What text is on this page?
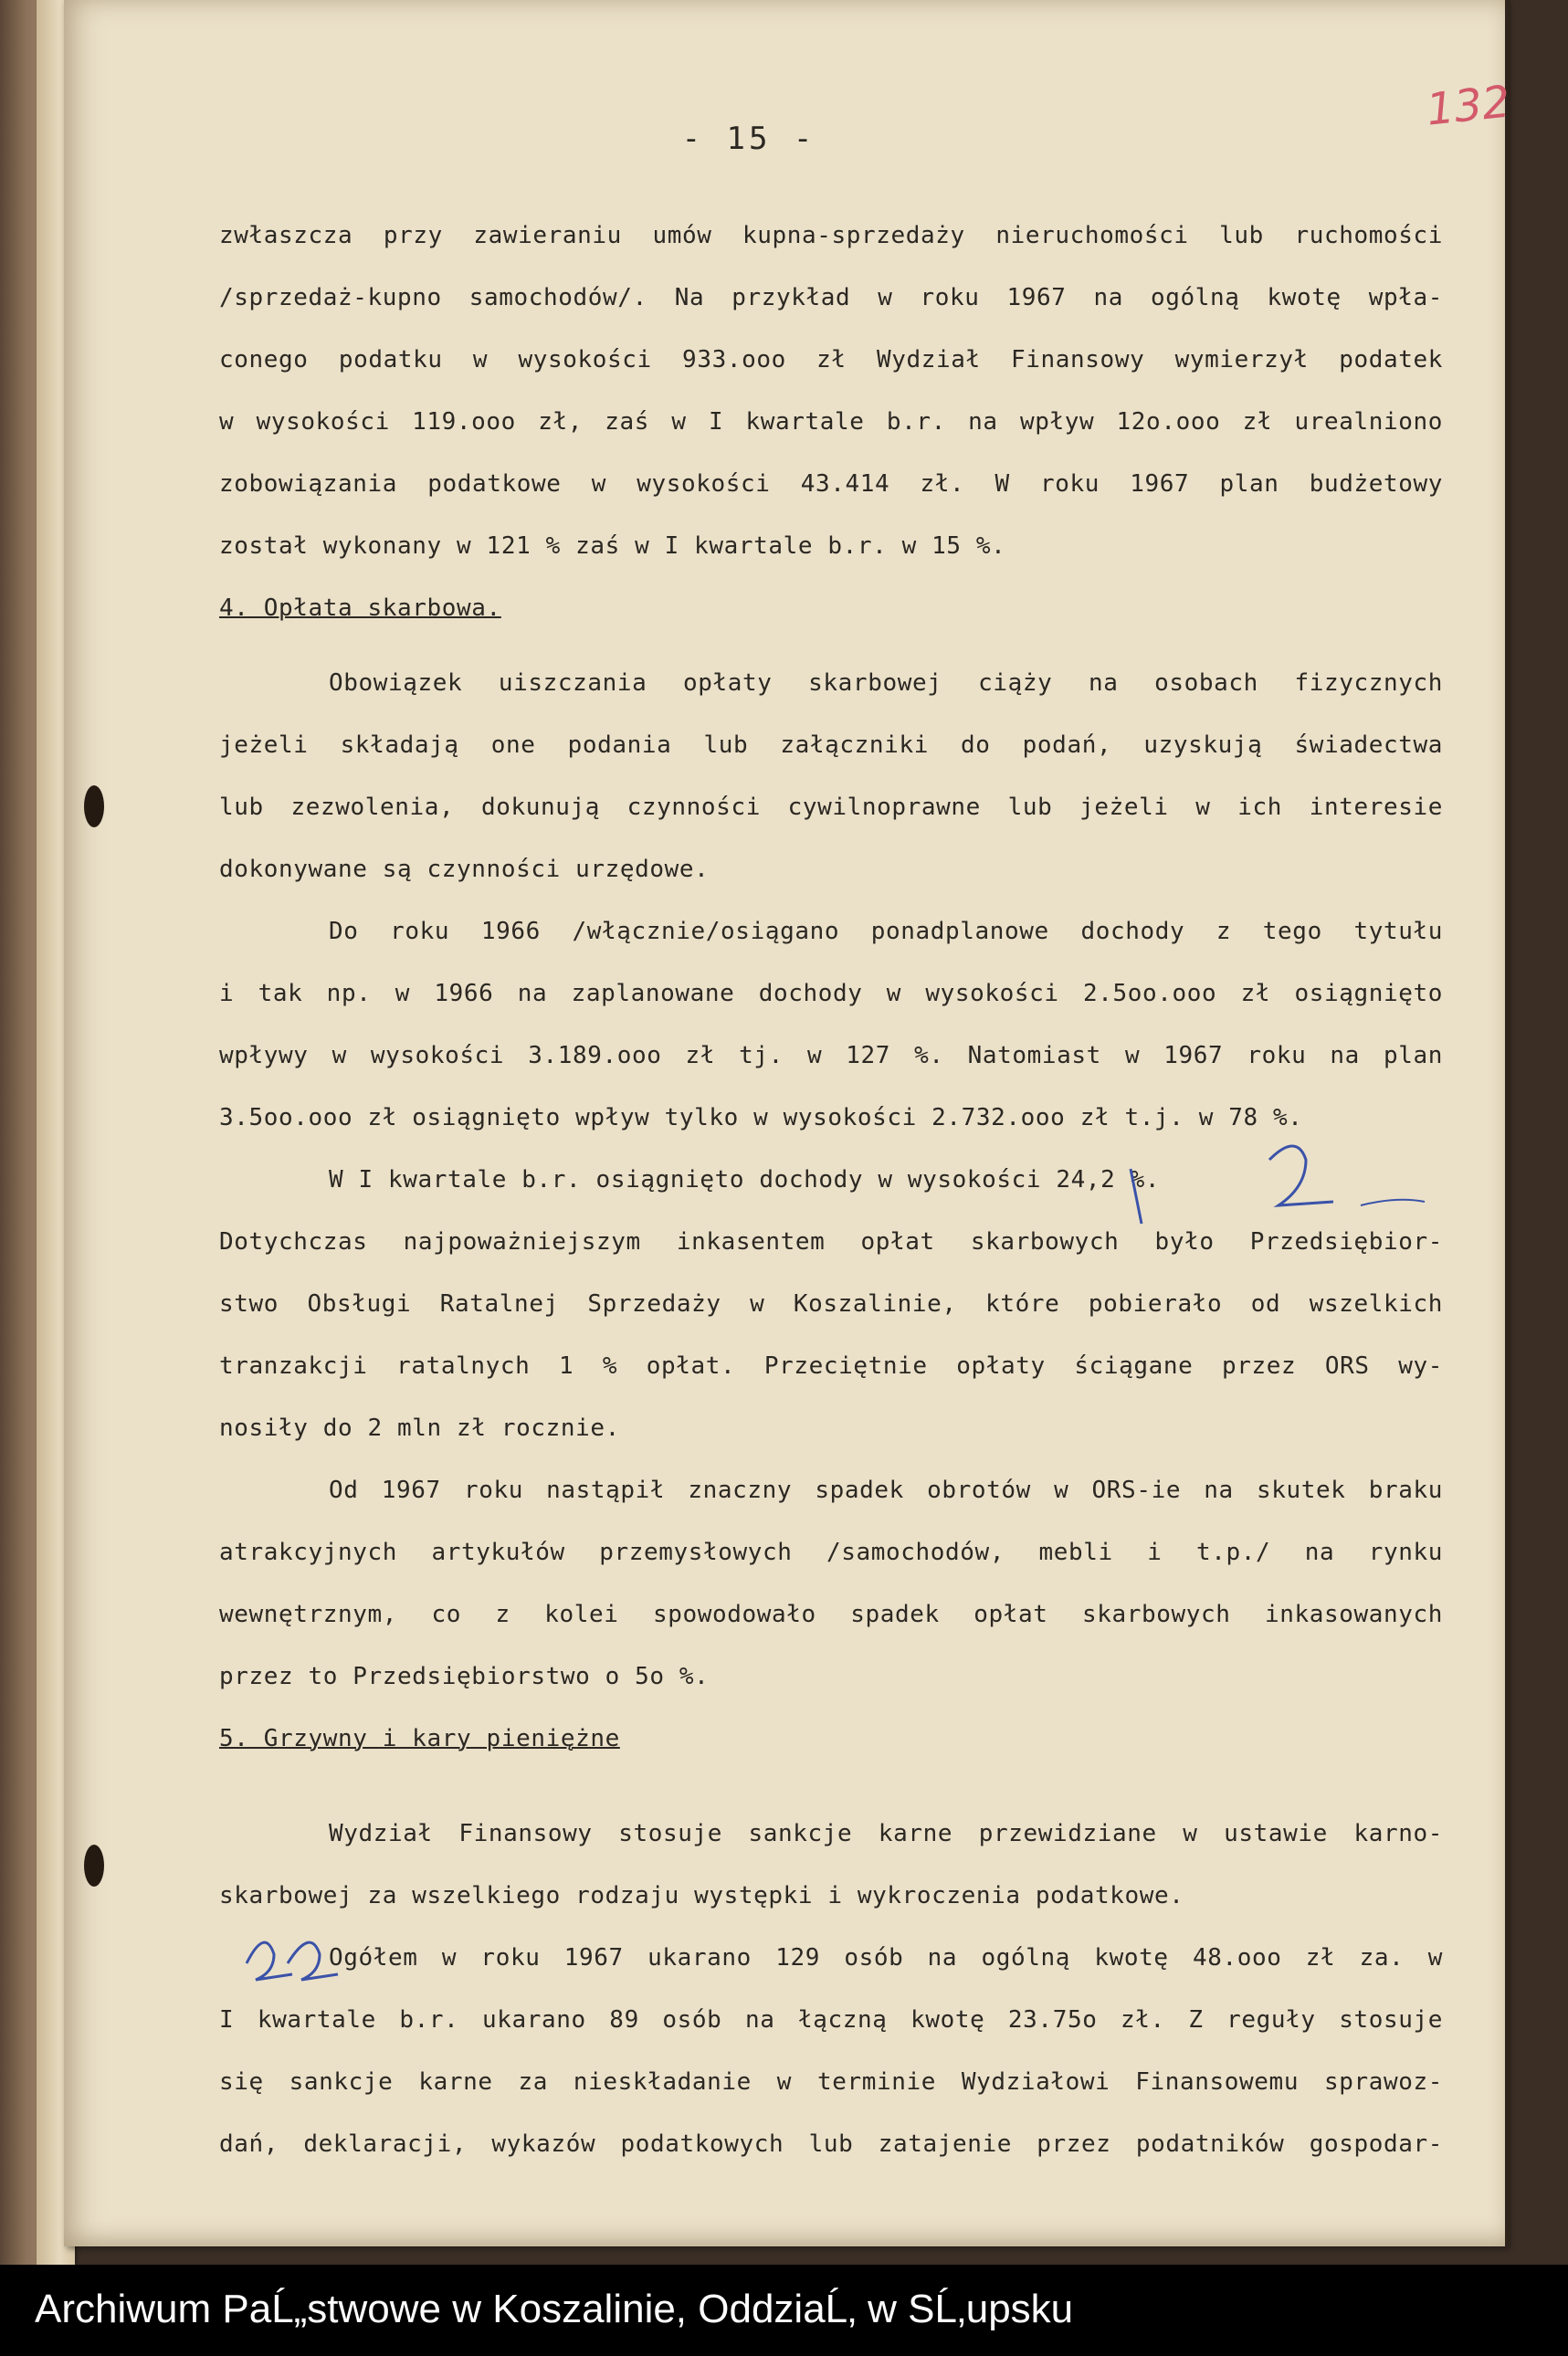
132
- 15 -
zwłaszcza przy zawieraniu umów kupna-sprzedaży nieruchomości lub ruchomości
/sprzedaż-kupno samochodów/. Na przykład w roku 1967 na ogólną kwotę wpła-
conego podatku w wysokości 933.ooo zł Wydział Finansowy wymierzył podatek
w wysokości 119.ooo zł, zaś w I kwartale b.r. na wpływ 12o.ooo zł urealniono
zobowiązania podatkowe w wysokości 43.414 zł. W roku 1967 plan budżetowy
został wykonany w 121 % zaś w I kwartale b.r. w 15 %.
4. Opłata skarbowa.
Obowiązek uiszczania opłaty skarbowej ciąży na osobach fizycznych
jeżeli składają one podania lub załączniki do podań, uzyskują świadectwa
lub zezwolenia, dokunują czynności cywilnoprawne lub jeżeli w ich interesie
dokonywane są czynności urzędowe.
Do roku 1966 /włącznie/osiągano ponadplanowe dochody z tego tytułu
i tak np. w 1966 na zaplanowane dochody w wysokości 2.5oo.ooo zł osiągnięto
wpływy w wysokości 3.189.ooo zł tj. w 127 %. Natomiast w 1967 roku na plan
3.5oo.ooo zł osiągnięto wpływ tylko w wysokości 2.732.ooo zł t.j. w 78 %.
W I kwartale b.r. osiągnięto dochody w wysokości 24,2 %.
Dotychczas najpoważniejszym inkasentem opłat skarbowych było Przedsiębior-
stwo Obsługi Ratalnej Sprzedaży w Koszalinie, które pobierało od wszelkich
tranzakcji ratalnych 1 % opłat. Przeciętnie opłaty ściągane przez ORS wy-
nosiły do 2 mln zł rocznie.
Od 1967 roku nastąpił znaczny spadek obrotów w ORS-ie na skutek braku
atrakcyjnych artykułów przemysłowych /samochodów, mebli i t.p./ na rynku
wewnętrznym, co z kolei spowodowało spadek opłat skarbowych inkasowanych
przez to Przedsiębiorstwo o 5o %.
5. Grzywny i kary pieniężne
Wydział Finansowy stosuje sankcje karne przewidziane w ustawie karno-
skarbowej za wszelkiego rodzaju występki i wykroczenia podatkowe.
Ogółem w roku 1967 ukarano 129 osób na ogólną kwotę 48.ooo zł za. w
I kwartale b.r. ukarano 89 osób na łączną kwotę 23.75o zł. Z reguły stosuje
się sankcje karne za nieskładanie w terminie Wydziałowi Finansowemu sprawoz-
dań, deklaracji, wykazów podatkowych lub zatajenie przez podatników gospodar-
Archiwum PaĹ„stwowe w Koszalinie, OddziaĹ‚ w SĹ‚upsku
